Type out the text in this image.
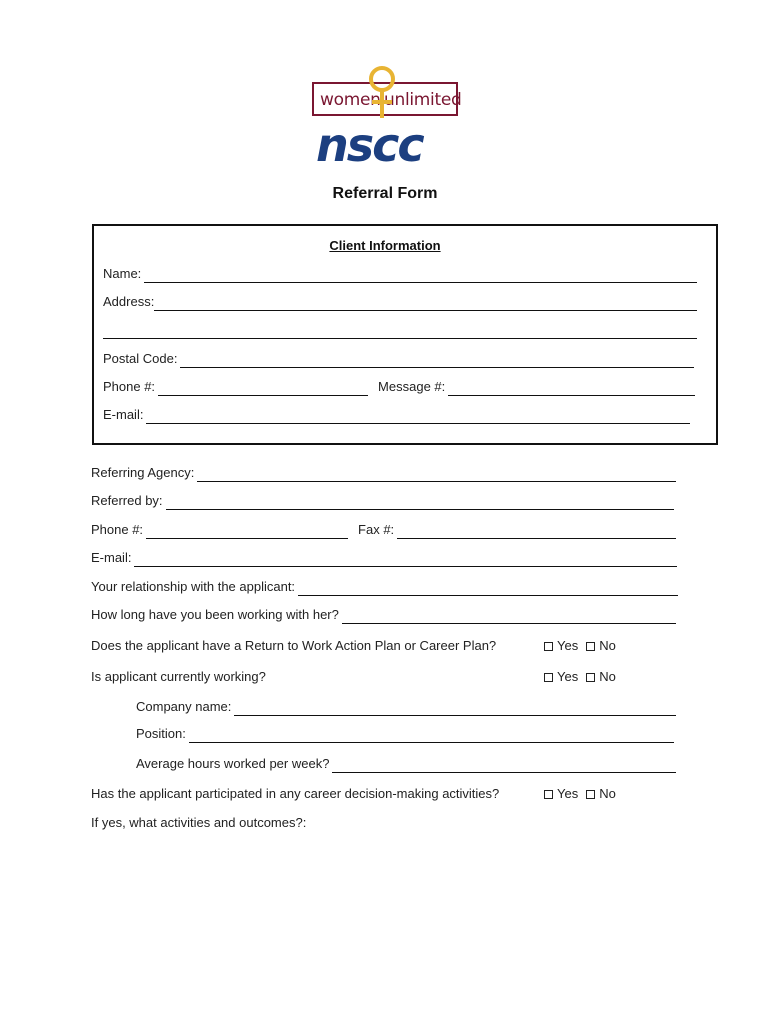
women unlimited
nscc
Referral Form
Client Information
Name:
Address:
Postal Code:
Phone #:	Message #:
E-mail:
Referring Agency:
Referred by:
Phone #:	Fax #:
E-mail:
Your relationship with the applicant:
How long have you been working with her?
Does the applicant have a Return to Work Action Plan or Career Plan?	Yes No
Is applicant currently working?	Yes No
Company name:
Position:
Average hours worked per week?
Has the applicant participated in any career decision-making activities?	Yes No
If yes, what activities and outcomes?:
